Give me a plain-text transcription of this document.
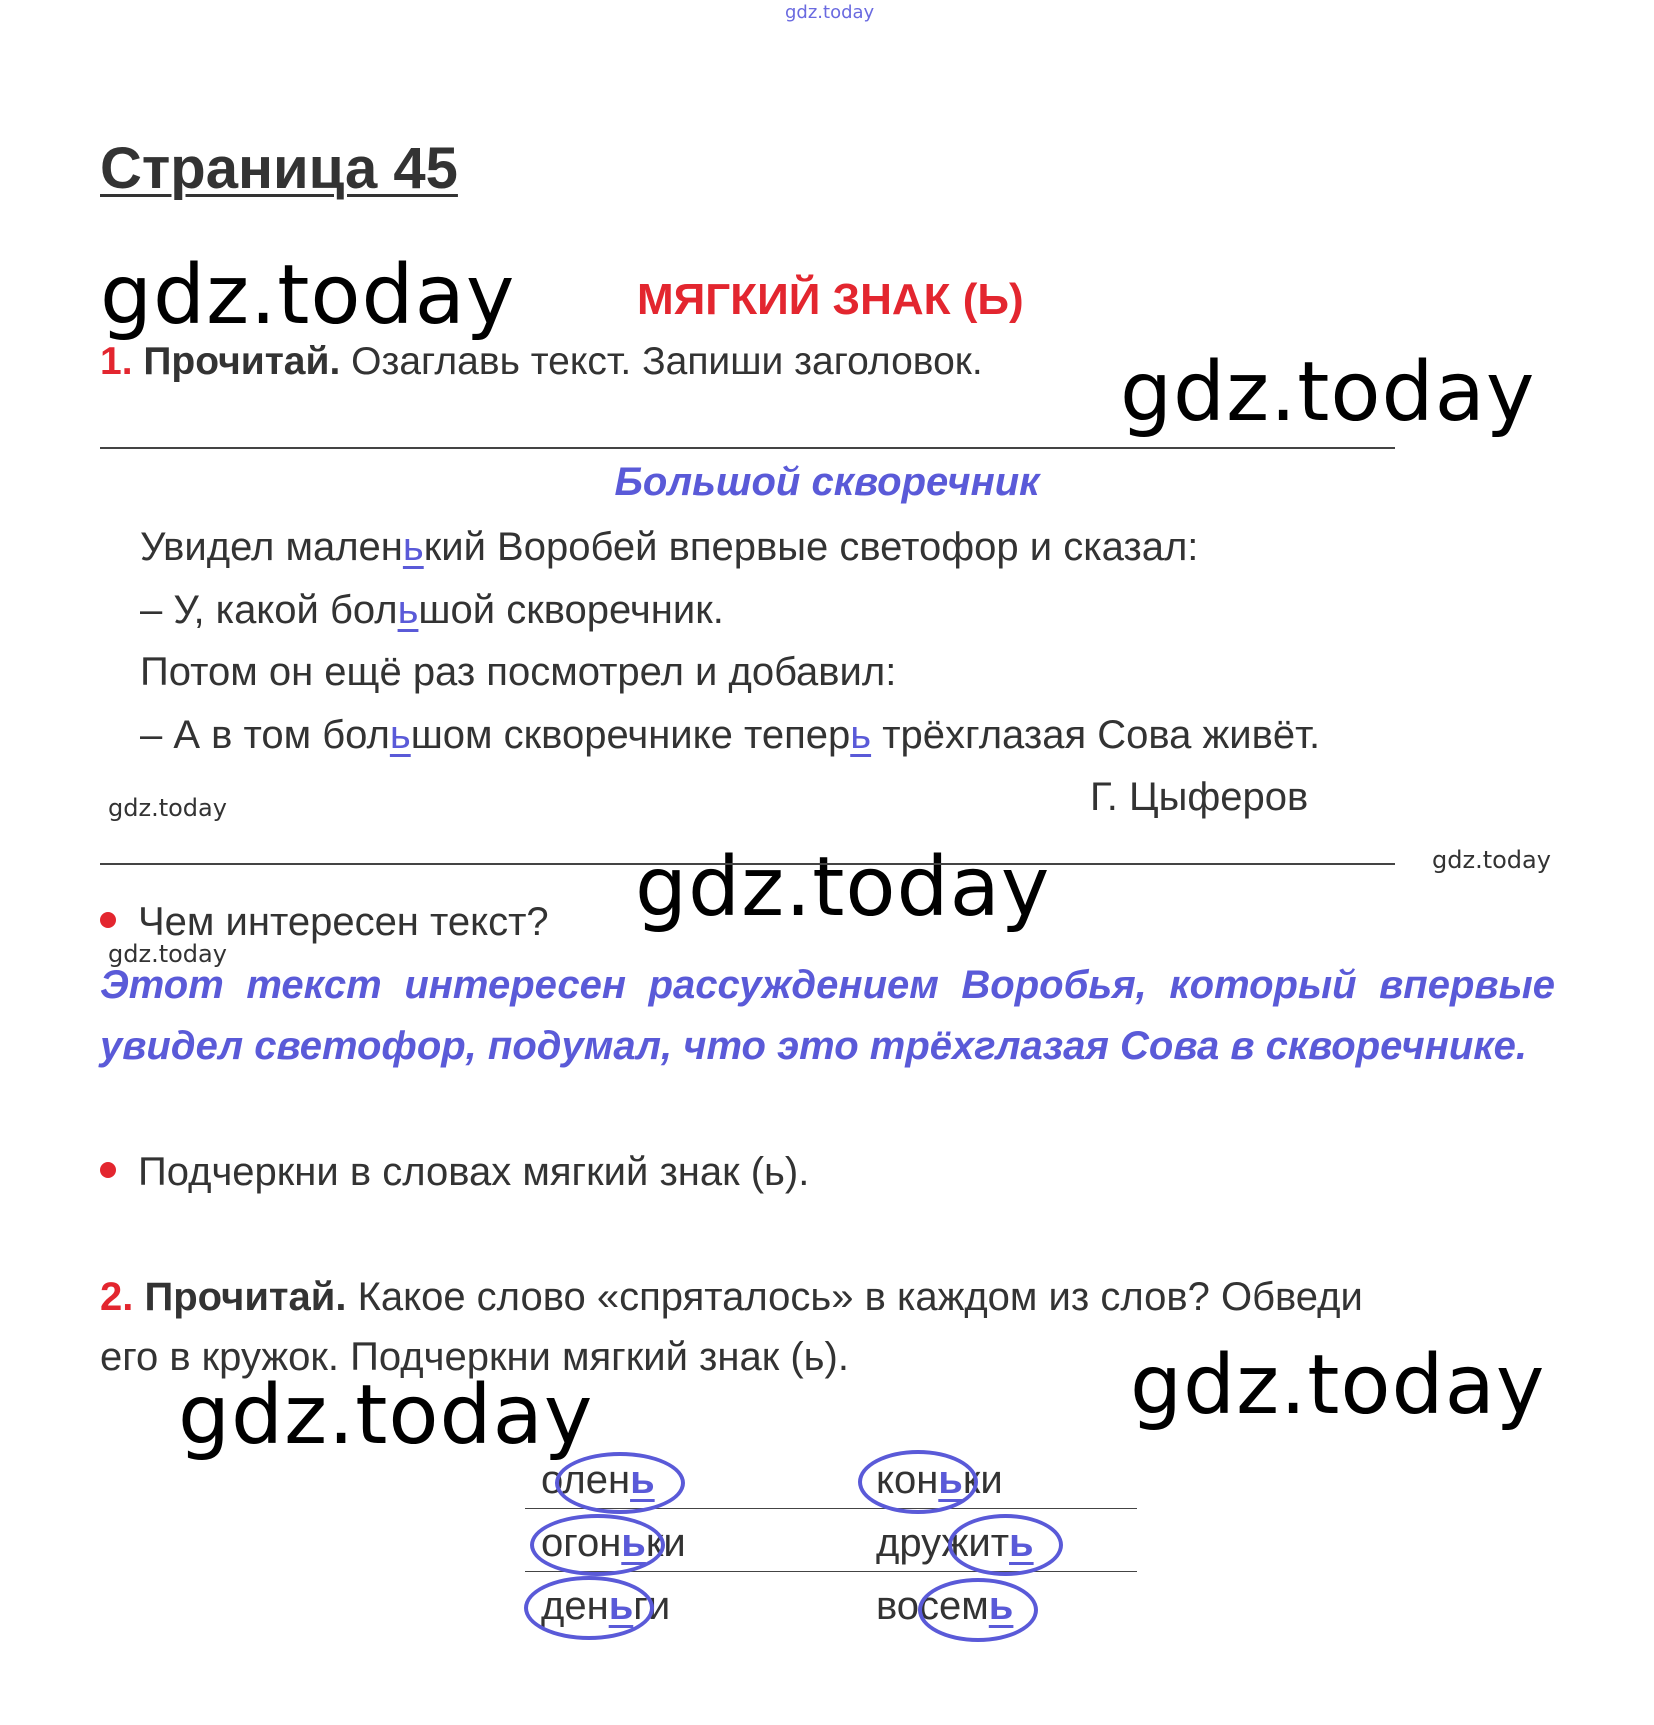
gdz.today
Страница 45
gdz.today
gdz.today
gdz.today
gdz.today	gdz.today
gdz.today
gdz.today
gdz.today
МЯГКИЙ ЗНАК (Ь)
1. Прочитай. Озаглавь текст. Запиши заголовок.
Большой скворечник
Увидел маленький Воробей впервые светофор и сказал:
– У, какой большой скворечник.
Потом он ещё раз посмотрел и добавил:
– А в том большом скворечнике теперь трёхглазая Сова живёт.
Г. Цыферов
Чем интересен текст?
Этот текст интересен рассуждением Воробья, который впервые увидел светофор, подумал, что это трёхглазая Сова в скворечнике.
Подчеркни в словах мягкий знак (ь).
2. Прочитай. Какое слово «спряталось» в каждом из слов? Обведи
его в кружок. Подчеркни мягкий знак (ь).
олень
огоньки
деньги
коньки
дружить
восемь
